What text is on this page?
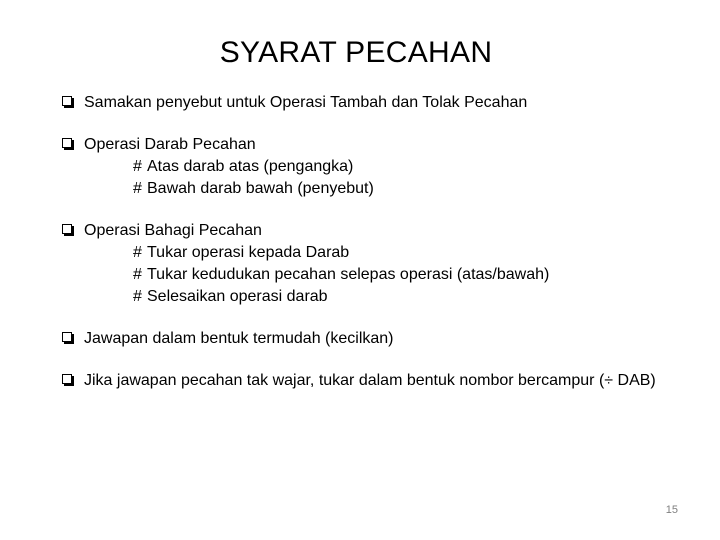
SYARAT PECAHAN
Samakan penyebut untuk Operasi Tambah dan Tolak Pecahan
Operasi Darab Pecahan
# Atas darab atas (pengangka)
# Bawah darab bawah (penyebut)
Operasi Bahagi Pecahan
# Tukar operasi kepada Darab
# Tukar kedudukan pecahan selepas operasi (atas/bawah)
# Selesaikan operasi darab
Jawapan dalam bentuk termudah (kecilkan)
Jika jawapan pecahan tak wajar, tukar dalam bentuk nombor bercampur (÷ DAB)
15
